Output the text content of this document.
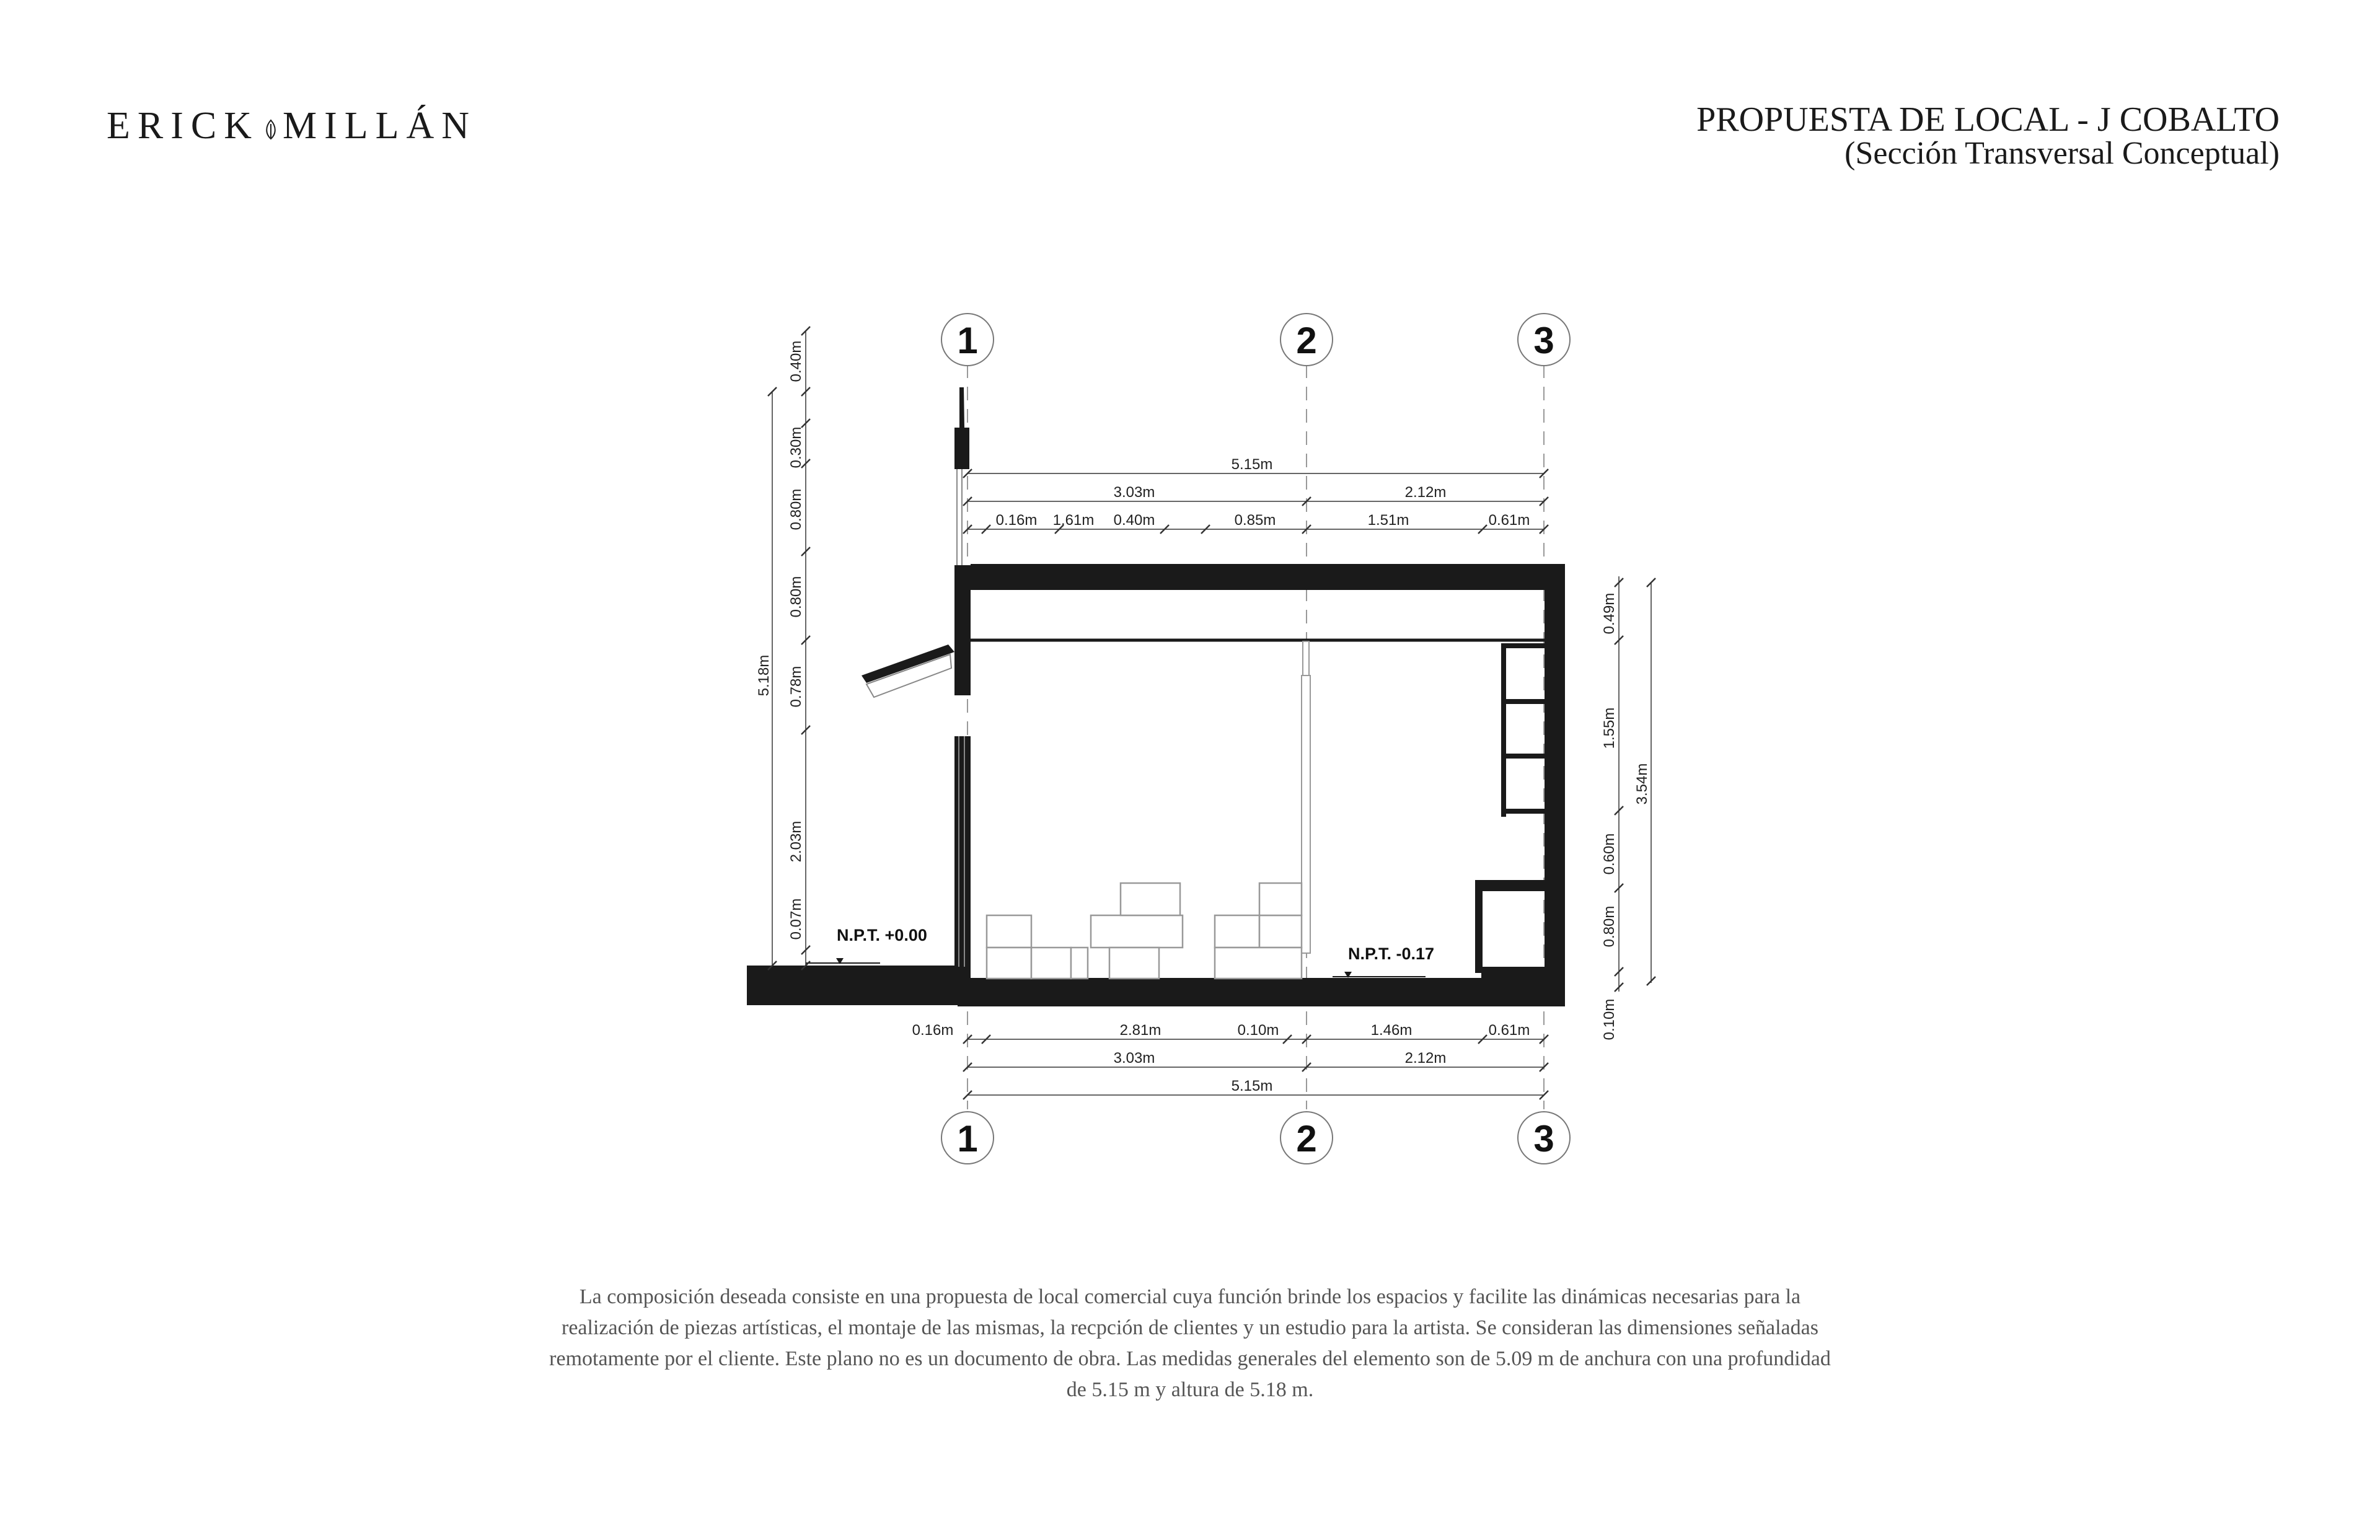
ERICK MILLÁN	PROPUESTA DE LOCAL - J COBALTO
(Sección Transversal Conceptual)
1	2	3
1	2	3
N.P.T. +0.00
N.P.T. -0.17
5.15m
3.03m	2.12m
0.16m 1.61m 0.40m	0.85m	1.51m	0.61m
0.16m	2.81m	0.10m	1.46m	0.61m
3.03m	2.12m
5.15m
5.18m
0.40m
0.30m
0.80m
0.80m
0.78m
2.03m
0.07m
3.54m
0.49m
1.55m
0.60m
0.80m
0.10m
La composición deseada consiste en una propuesta de local comercial cuya función brinde los espacios y facilite las dinámicas necesarias para la realización de piezas artísticas, el montaje de las mismas, la recpción de clientes y un estudio para la artista. Se consideran las dimensiones señaladas remotamente por el cliente. Este plano no es un documento de obra. Las medidas generales del elemento son de 5.09 m de anchura con una profundidad de 5.15 m y altura de 5.18 m.
